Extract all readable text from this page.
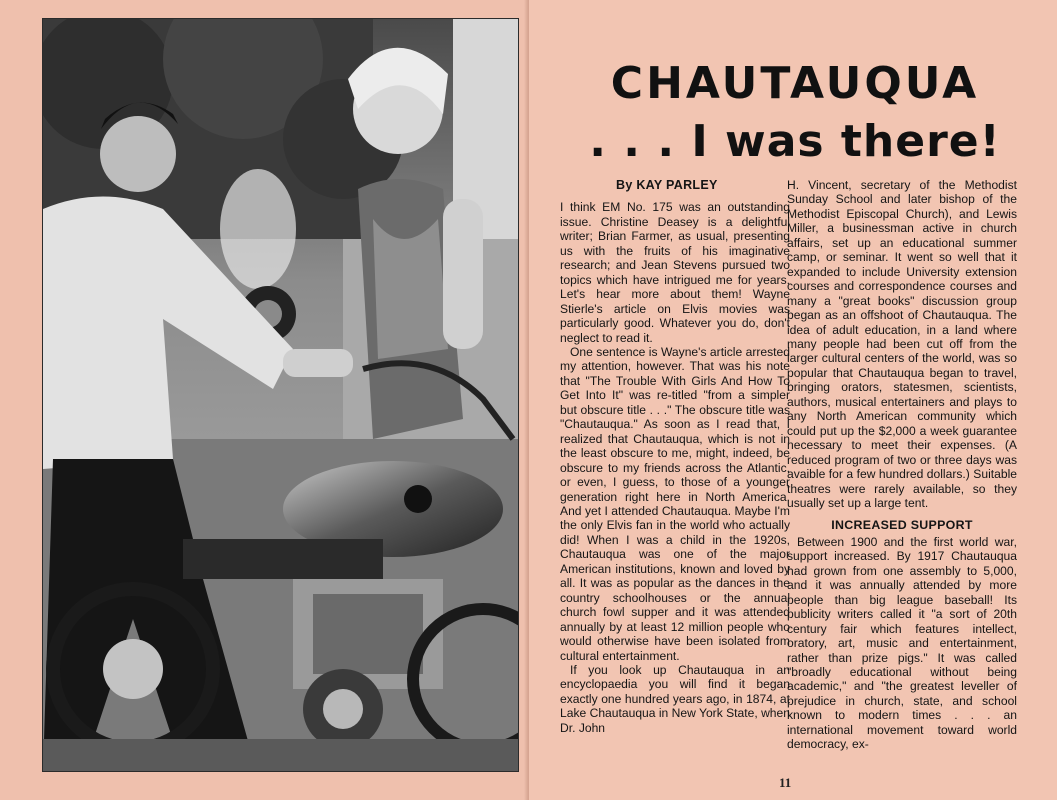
CHAUTAUQUA
. . . I was there!
By KAY PARLEY

I think EM No. 175 was an outstanding issue. Christine Deasey is a delightful writer; Brian Farmer, as usual, presenting us with the fruits of his imaginative research; and Jean Stevens pursued two topics which have intrigued me for years. Let's hear more about them! Wayne Stierle's article on Elvis movies was particularly good. Whatever you do, don't neglect to read it.

One sentence is Wayne's article arrested my attention, however. That was his note that "The Trouble With Girls And How To Get Into It" was re-titled "from a simpler but obscure title . . ." The obscure title was "Chautauqua." As soon as I read that, I realized that Chautauqua, which is not in the least obscure to me, might, indeed, be obscure to my friends across the Atlantic, or even, I guess, to those of a younger generation right here in North America. And yet I attended Chautauqua. Maybe I'm the only Elvis fan in the world who actually did! When I was a child in the 1920s, Chautauqua was one of the major American institutions, known and loved by all. It was as popular as the dances in the country schoolhouses or the annual church fowl supper and it was attended annually by at least 12 million people who would otherwise have been isolated from cultural entertainment.

If you look up Chautauqua in an encyclopaedia you will find it began exactly one hundred years ago, in 1874, at Lake Chautauqua in New York State, when Dr. John

H. Vincent, secretary of the Methodist Sunday School and later bishop of the Methodist Episcopal Church), and Lewis Miller, a businessman active in church affairs, set up an educational summer camp, or seminar. It went so well that it expanded to include University extension courses and correspondence courses and many a "great books" discussion group began as an offshoot of Chautauqua. The idea of adult education, in a land where many people had been cut off from the larger cultural centers of the world, was so popular that Chautauqua began to travel, bringing orators, statesmen, scientists, authors, musical entertainers and plays to any North American community which could put up the $2,000 a week guarantee necessary to meet their expenses. (A reduced program of two or three days was avaible for a few hundred dollars.) Suitable theatres were rarely available, so they usually set up a large tent.

INCREASED SUPPORT

Between 1900 and the first world war, support increased. By 1917 Chautauqua had grown from one assembly to 5,000, and it was annually attended by more people than big league baseball! Its publicity writers called it "a sort of 20th century fair which features intellect, oratory, art, music and entertainment, rather than prize pigs." It was called "broadly educational without being academic," and "the greatest leveller of prejudice in church, state, and school known to modern times . . . an international movement toward world democracy, ex-

11
